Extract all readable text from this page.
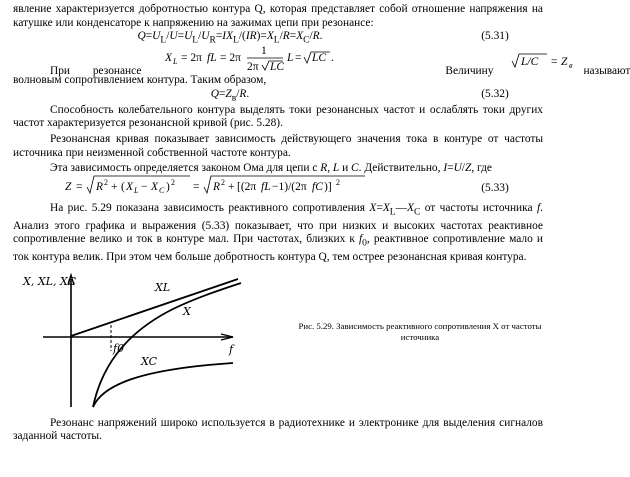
явление характеризуется добротностью контура Q, которая представляет собой отношение напряжения на катушке или конденсаторе к напряжению на зажимах цепи при резонансе:

$Q=U_L/U=U_L/U_R=IX_L/(IR)=X_L/R=X_C/R$.	(5.31)
При резонансе
X L = 2π fL = 2π
1
2π LC
L = LC .
Величину
L/C = Z в называют

волновым сопротивлением контура. Таким образом,

$Q=Z_в/R$.	(5.32)

Способность колебательного контура выделять токи резонансных частот и ослаблять токи других частот характеризуется резонансной кривой (рис. 5.28).

Резонансная кривая показывает зависимость действующего значения тока в контуре от частоты источника при неизменной собственной частоте контура.

Эта зависимость определяется законом Ома для цепи с R, L и C. Действительно, I=U/Z, где

Z = R 2 + ( X L − X C ) 2 = R 2 + [(2π fL −1)/(2π fC )] 2	(5.33)

На рис. 5.29 показана зависимость реактивного сопротивления $X=X_L—X_C$ от частоты источника f. Анализ этого графика и выражения (5.33) показывает, что при низких и высоких частотах реактивное сопротивление велико и ток в контуре мал. При частотах, близких к $f_0$, реактивное сопротивление мало и ток контура велик. При этом чем больше добротность контура Q, тем острее резонансная кривая контура.

X, XL, XC
f
XL
X
XC
f0
Рис. 5.29. Зависимость реактивного сопротивления X от частоты источника

Резонанс напряжений широко используется в радиотехнике и электронике для выделения сигналов заданной частоты.
